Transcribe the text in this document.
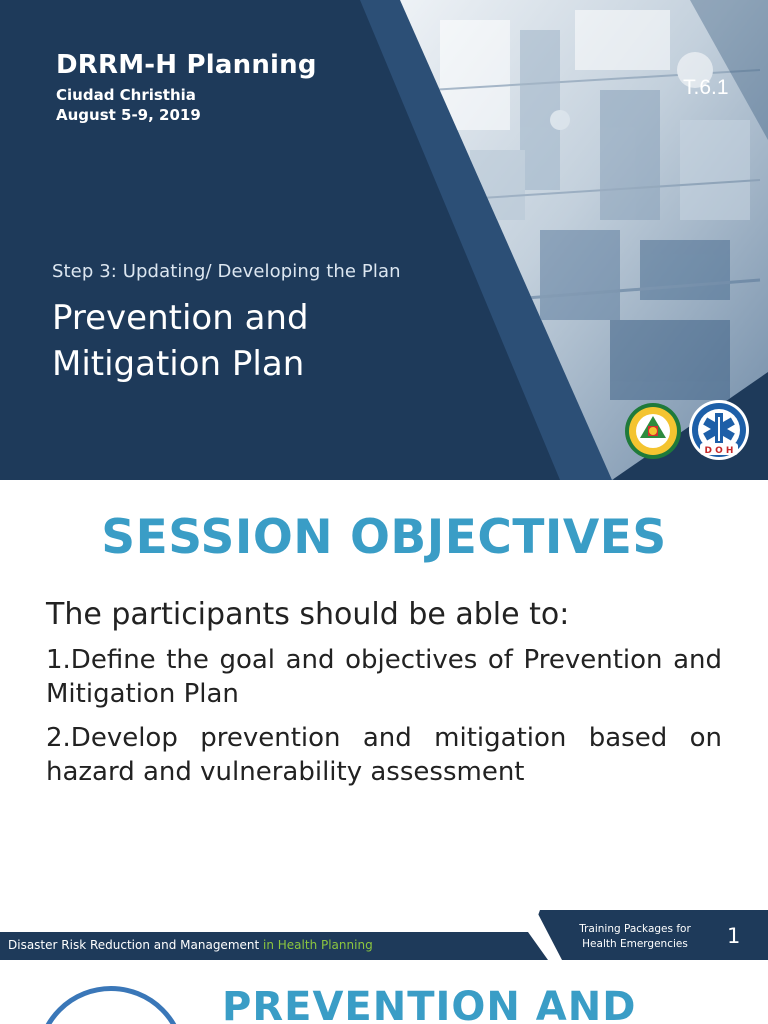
DRRM-H Planning
Ciudad Christhia
August 5-9, 2019
T.6.1
Step 3: Updating/ Developing the Plan
Prevention and Mitigation Plan
D O H
SESSION OBJECTIVES
The participants should be able to:
1.Define the goal and objectives of Prevention and Mitigation Plan
2.Develop prevention and mitigation based on hazard and vulnerability assessment
Disaster Risk Reduction and Management in Health Planning
Training Packages for
Health Emergencies	1
PREVENTION AND
